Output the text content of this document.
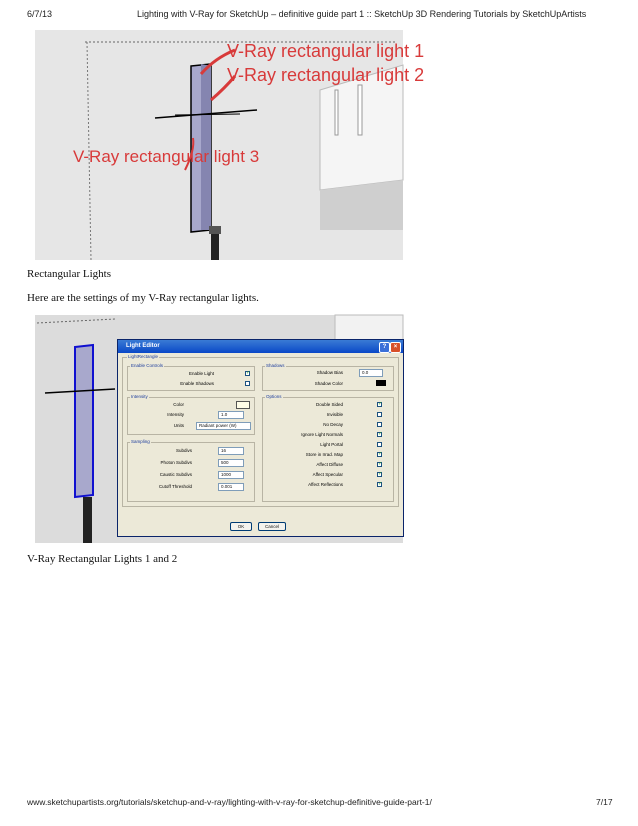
6/7/13	Lighting with V-Ray for SketchUp – definitive guide part 1 :: SketchUp 3D Rendering Tutorials by SketchUpArtists
V-Ray rectangular light 1
V-Ray rectangular light 2
V-Ray rectangular light 3
Rectangular Lights
Here are the settings of my V-Ray rectangular lights.
Light Editor	?	×
LightRectangle
Enable Controls
Enable Light	✓
Enable Shadows
Intensity
Color
Intensity	1.0
Units	Radiant power (W)
Sampling
Subdivs	16
Photon Subdivs	500
Caustic Subdivs	1000
Cutoff Threshold	0.001
Shadows
Shadow Bias	0.0
Shadow Color
Options
Double Sided	✓
Invisible
No Decay
Ignore Light Normals	✓
Light Portal
Store in Irrad. Map	✓
Affect Diffuse	✓
Affect Specular	✓
Affect Reflections	✓
OK	Cancel
V-Ray Rectangular Lights 1 and 2
www.sketchupartists.org/tutorials/sketchup-and-v-ray/lighting-with-v-ray-for-sketchup-definitive-guide-part-1/	7/17
